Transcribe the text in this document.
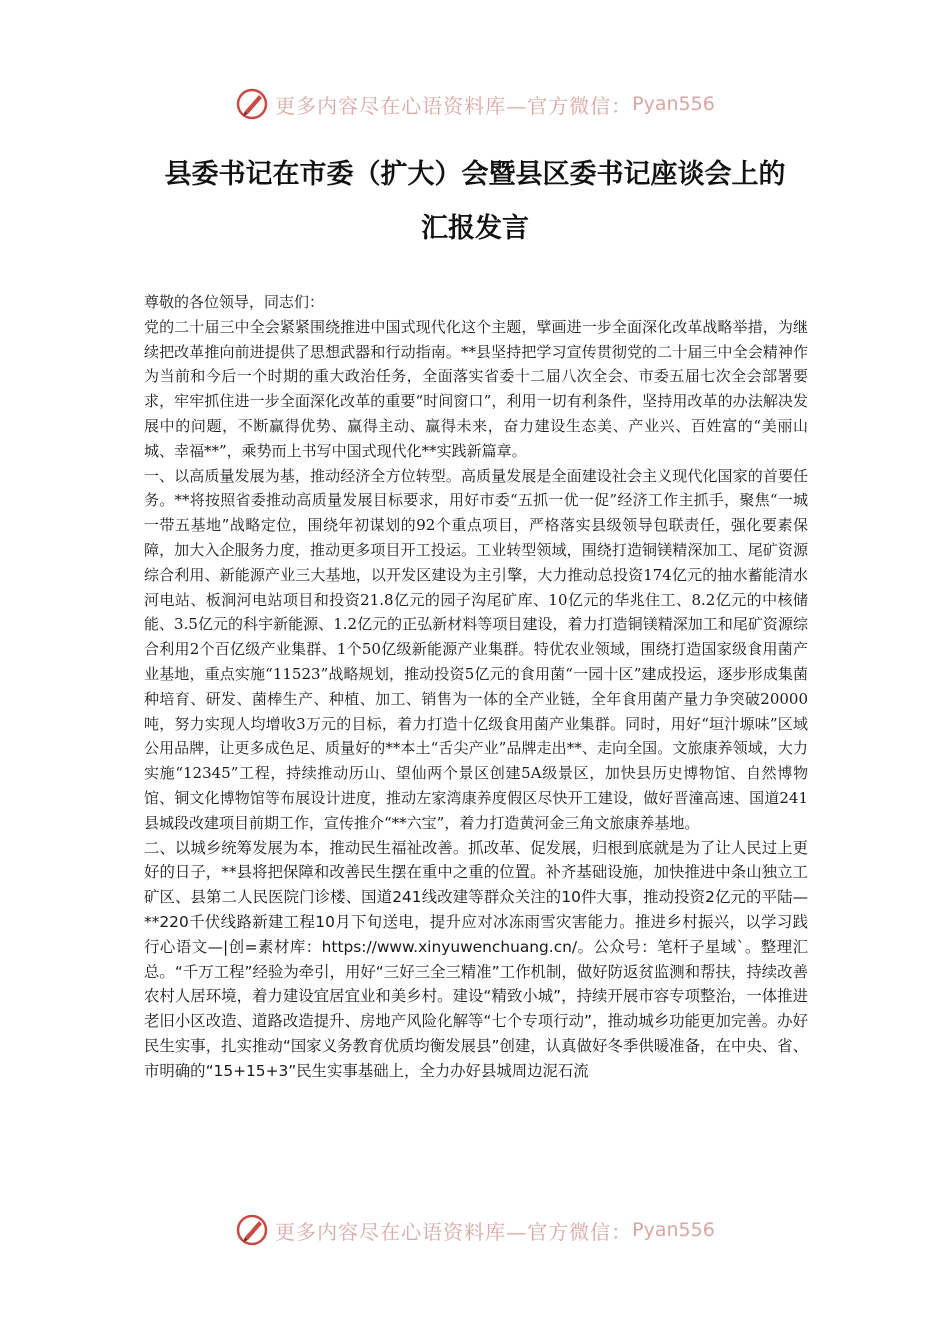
更多内容尽在心语资料库—官方微信： Pyan556
县委书记在市委（扩大）会暨县区委书记座谈会上的
汇报发言

尊敬的各位领导，同志们：

党的二十届三中全会紧紧围绕推进中国式现代化这个主题，擘画进一步全面深化改革战略举措，为继续把改革推向前进提供了思想武器和行动指南。**县坚持把学习宣传贯彻党的二十届三中全会精神作为当前和今后一个时期的重大政治任务，全面落实省委十二届八次全会、市委五届七次全会部署要求，牢牢抓住进一步全面深化改革的重要“时间窗口”，利用一切有利条件，坚持用改革的办法解决发展中的问题，不断赢得优势、赢得主动、赢得未来，奋力建设生态美、产业兴、百姓富的“美丽山城、幸福**”，乘势而上书写中国式现代化**实践新篇章。

一、以高质量发展为基，推动经济全方位转型。高质量发展是全面建设社会主义现代化国家的首要任务。**将按照省委推动高质量发展目标要求，用好市委“五抓一优一促”经济工作主抓手，聚焦“一城一带五基地”战略定位，围绕年初谋划的92个重点项目，严格落实县级领导包联责任，强化要素保障，加大入企服务力度，推动更多项目开工投运。工业转型领域，围绕打造铜镁精深加工、尾矿资源综合利用、新能源产业三大基地，以开发区建设为主引擎，大力推动总投资174亿元的抽水蓄能清水河电站、板涧河电站项目和投资21.8亿元的园子沟尾矿库、10亿元的华兆住工、8.2亿元的中核储能、3.5亿元的科宇新能源、1.2亿元的正弘新材料等项目建设，着力打造铜镁精深加工和尾矿资源综合利用2个百亿级产业集群、1个50亿级新能源产业集群。特优农业领域，围绕打造国家级食用菌产业基地，重点实施“11523”战略规划，推动投资5亿元的食用菌“一园十区”建成投运，逐步形成集菌种培育、研发、菌棒生产、种植、加工、销售为一体的全产业链，全年食用菌产量力争突破20000吨，努力实现人均增收3万元的目标，着力打造十亿级食用菌产业集群。同时，用好“垣汁塬味”区域公用品牌，让更多成色足、质量好的**本土“舌尖产业”品牌走出**、走向全国。文旅康养领域，大力实施“12345”工程，持续推动历山、望仙两个景区创建5A级景区，加快县历史博物馆、自然博物馆、铜文化博物馆等布展设计进度，推动左家湾康养度假区尽快开工建设，做好晋潼高速、国道241县城段改建项目前期工作，宣传推介“**六宝”，着力打造黄河金三角文旅康养基地。

二、以城乡统筹发展为本，推动民生福祉改善。抓改革、促发展，归根到底就是为了让人民过上更好的日子，**县将把保障和改善民生摆在重中之重的位置。补齐基础设施，加快推进中条山独立工矿区、县第二人民医院门诊楼、国道241线改建等群众关注的10件大事，推动投资2亿元的平陆—**220千伏线路新建工程10月下旬送电，提升应对冰冻雨雪灾害能力。推进乡村振兴，以学习践行心语文—|创=素材库：https://www.xinyuwenchuang.cn/。公众号：笔杆子星域`。整理汇总。“千万工程”经验为牵引，用好“三好三全三精准”工作机制，做好防返贫监测和帮扶，持续改善农村人居环境，着力建设宜居宜业和美乡村。建设“精致小城”，持续开展市容专项整治，一体推进老旧小区改造、道路改造提升、房地产风险化解等“七个专项行动”，推动城乡功能更加完善。办好民生实事，扎实推动“国家义务教育优质均衡发展县”创建，认真做好冬季供暖准备，在中央、省、市明确的“15+15+3”民生实事基础上，全力办好县城周边泥石流

更多内容尽在心语资料库—官方微信： Pyan556
